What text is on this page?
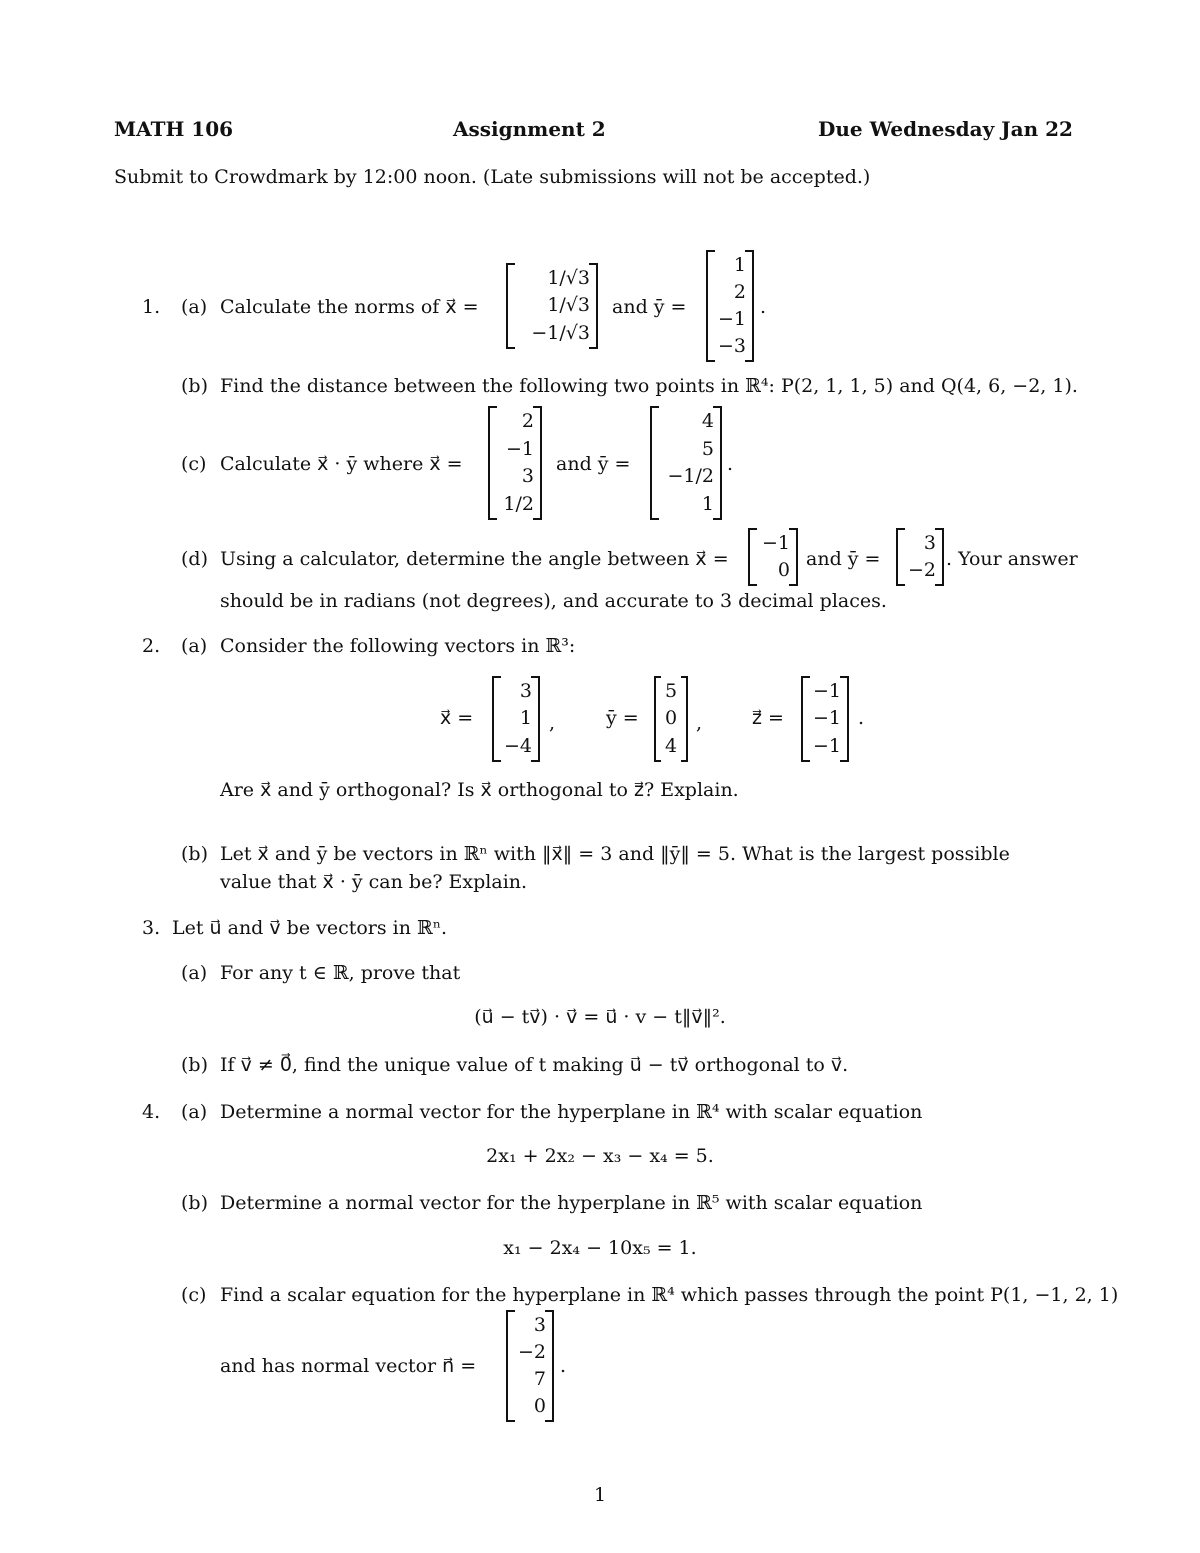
MATH 106	Assignment 2	Due Wednesday Jan 22
Submit to Crowdmark by 12:00 noon. (Late submissions will not be accepted.)
1. (a) Calculate the norms of x⃗ =
1/√3
1/√3
−1/√3
and ȳ =
1
2
−1
−3
.
(b) Find the distance between the following two points in ℝ⁴: P(2, 1, 1, 5) and Q(4, 6, −2, 1).
(c) Calculate x⃗ · ȳ where x⃗ =
2
−1
3
1/2
and ȳ =
4
5
−1/2
1
.
(d) Using a calculator, determine the angle between x⃗ =
−1
0 and ȳ =
3
−2 . Your answer
should be in radians (not degrees), and accurate to 3 decimal places.
2. (a) Consider the following vectors in ℝ³:
x⃗ =
3
1
−4
,	ȳ =
5
0
4
,	z⃗ =
−1
−1
−1
.
Are x⃗ and ȳ orthogonal? Is x⃗ orthogonal to z⃗? Explain.
(b) Let x⃗ and ȳ be vectors in ℝⁿ with ‖x⃗‖ = 3 and ‖ȳ‖ = 5. What is the largest possible
value that x⃗ · ȳ can be? Explain.
3. Let u⃗ and v⃗ be vectors in ℝⁿ.
(a) For any t ∈ ℝ, prove that
(u⃗ − tv⃗) · v⃗ = u⃗ · v − t‖v⃗‖².
(b) If v⃗ ≠ 0⃗, find the unique value of t making u⃗ − tv⃗ orthogonal to v⃗.
4. (a) Determine a normal vector for the hyperplane in ℝ⁴ with scalar equation
2x₁ + 2x₂ − x₃ − x₄ = 5.
(b) Determine a normal vector for the hyperplane in ℝ⁵ with scalar equation
x₁ − 2x₄ − 10x₅ = 1.
(c) Find a scalar equation for the hyperplane in ℝ⁴ which passes through the point P(1, −1, 2, 1)
and has normal vector n⃗ =
3
−2
7
0
.
1
